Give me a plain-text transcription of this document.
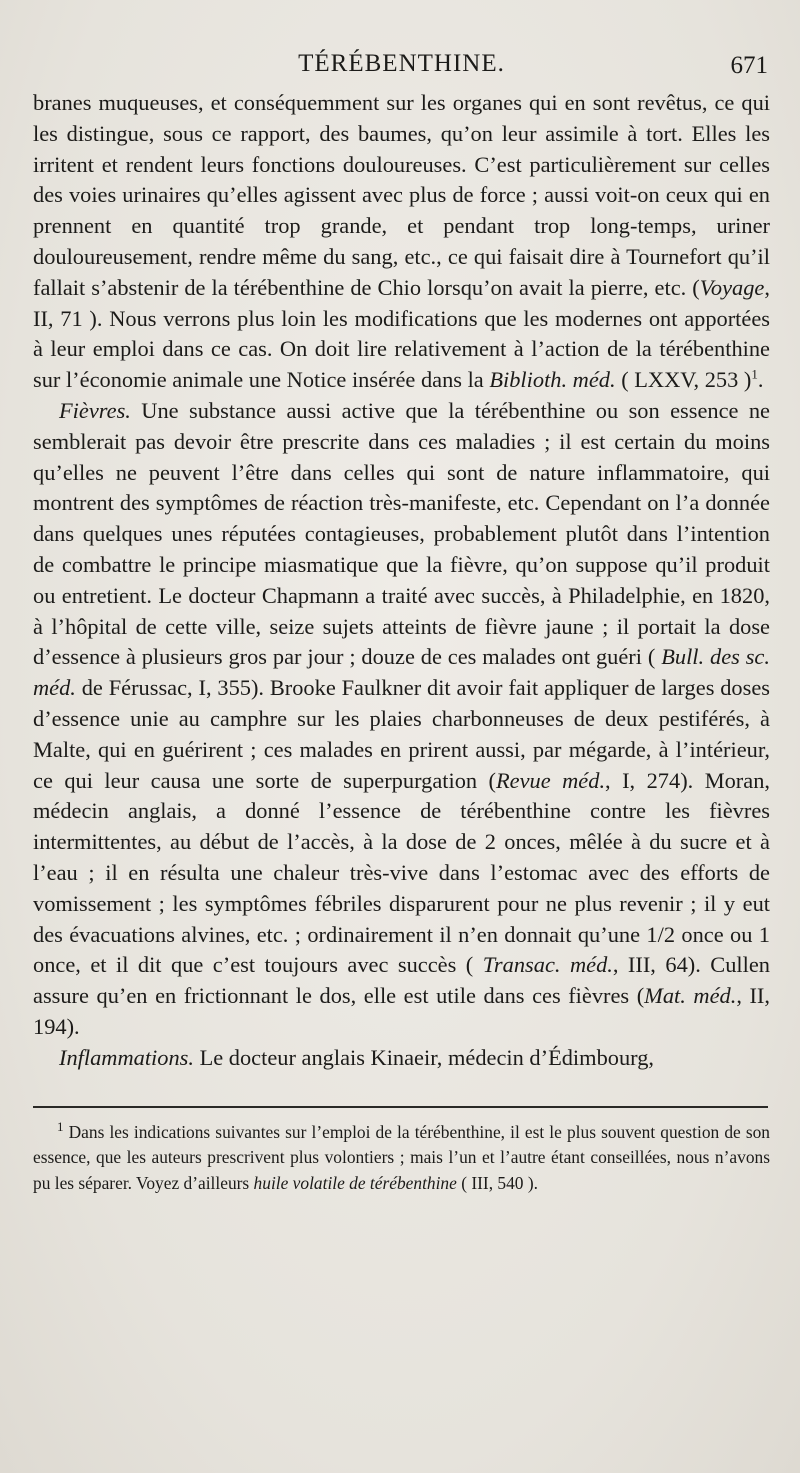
TÉRÉBENTHINE.	671

branes muqueuses, et conséquemment sur les organes qui en sont revêtus, ce qui les distingue, sous ce rapport, des baumes, qu’on leur assimile à tort. Elles les irritent et rendent leurs fonctions douloureuses. C’est particulièrement sur celles des voies urinaires qu’elles agissent avec plus de force ; aussi voit-on ceux qui en prennent en quantité trop grande, et pendant trop long-temps, uriner douloureusement, rendre même du sang, etc., ce qui faisait dire à Tournefort qu’il fallait s’abstenir de la térébenthine de Chio lorsqu’on avait la pierre, etc. (Voyage, II, 71 ). Nous verrons plus loin les modifications que les modernes ont apportées à leur emploi dans ce cas. On doit lire relativement à l’action de la térébenthine sur l’économie animale une Notice insérée dans la Biblioth. méd. ( LXXV, 253 )$^1$.

Fièvres. Une substance aussi active que la térébenthine ou son essence ne semblerait pas devoir être prescrite dans ces maladies ; il est certain du moins qu’elles ne peuvent l’être dans celles qui sont de nature inflammatoire, qui montrent des symptômes de réaction très-manifeste, etc. Cependant on l’a donnée dans quelques unes réputées contagieuses, probablement plutôt dans l’intention de combattre le principe miasmatique que la fièvre, qu’on suppose qu’il produit ou entretient. Le docteur Chapmann a traité avec succès, à Philadelphie, en 1820, à l’hôpital de cette ville, seize sujets atteints de fièvre jaune ; il portait la dose d’essence à plusieurs gros par jour ; douze de ces malades ont guéri ( Bull. des sc. méd. de Férussac, I, 355). Brooke Faulkner dit avoir fait appliquer de larges doses d’essence unie au camphre sur les plaies charbonneuses de deux pestiférés, à Malte, qui en guérirent ; ces malades en prirent aussi, par mégarde, à l’intérieur, ce qui leur causa une sorte de superpurgation (Revue méd., I, 274). Moran, médecin anglais, a donné l’essence de térébenthine contre les fièvres intermittentes, au début de l’accès, à la dose de 2 onces, mêlée à du sucre et à l’eau ; il en résulta une chaleur très-vive dans l’estomac avec des efforts de vomissement ; les symptômes fébriles disparurent pour ne plus revenir ; il y eut des évacuations alvines, etc. ; ordinairement il n’en donnait qu’une 1/2 once ou 1 once, et il dit que c’est toujours avec succès ( Transac. méd., III, 64). Cullen assure qu’en en frictionnant le dos, elle est utile dans ces fièvres (Mat. méd., II, 194).

Inflammations. Le docteur anglais Kinaeir, médecin d’Édimbourg,

$^1$ Dans les indications suivantes sur l’emploi de la térébenthine, il est le plus souvent question de son essence, que les auteurs prescrivent plus volontiers ; mais l’un et l’autre étant conseillées, nous n’avons pu les séparer. Voyez d’ailleurs huile volatile de térébenthine ( III, 540 ).
